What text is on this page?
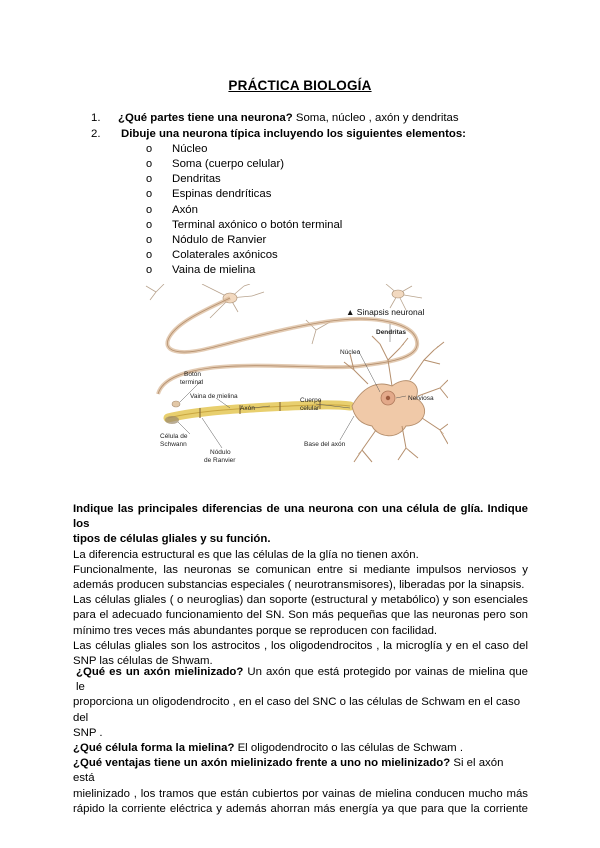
PRÁCTICA BIOLOGÍA
1. ¿Qué partes tiene una neurona? Soma, núcleo , axón y dendritas
2. Dibuje una neurona típica incluyendo los siguientes elementos:
o Núcleo
o Soma (cuerpo celular)
o Dendritas
o Espinas dendríticas
o Axón
o Terminal axónico o botón terminal
o Nódulo de Ranvier
o Colaterales axónicos
o Vaina de mielina
▲ Sinapsis neuronal
Dendritas
Núcleo
Botón
terminal
Nerviosa
Vaina de mielina
Axón
Cuerpo
celular
Célula de
Schwann	Base del axón
Nódulo
de Ranvier
Indique las principales diferencias de una neurona con una célula de glía. Indique los
tipos de células gliales y su función.
La diferencia estructural es que las células de la glía no tienen axón.
Funcionalmente, las neuronas se comunican entre si mediante impulsos nerviosos y
además producen substancias especiales ( neurotransmisores), liberadas por la sinapsis.
Las células gliales ( o neuroglias) dan soporte (estructural y metabólico) y son esenciales
para el adecuado funcionamiento del SN. Son más pequeñas que las neuronas pero son
mínimo tres veces más abundantes porque se reproducen con facilidad.
Las células gliales son los astrocitos , los oligodendrocitos , la microglía y en el caso del
SNP las células de Shwam.
¿Qué es un axón mielinizado? Un axón que está protegido por vainas de mielina que le
proporciona un oligodendrocito , en el caso del SNC o las células de Schwam en el caso del
SNP .
¿Qué célula forma la mielina? El oligodendrocito o las células de Schwam .
¿Qué ventajas tiene un axón mielinizado frente a uno no mielinizado? Si el axón está
mielinizado , los tramos que están cubiertos por vainas de mielina conducen mucho más
rápido la corriente eléctrica y además ahorran más energía ya que para que la corriente
